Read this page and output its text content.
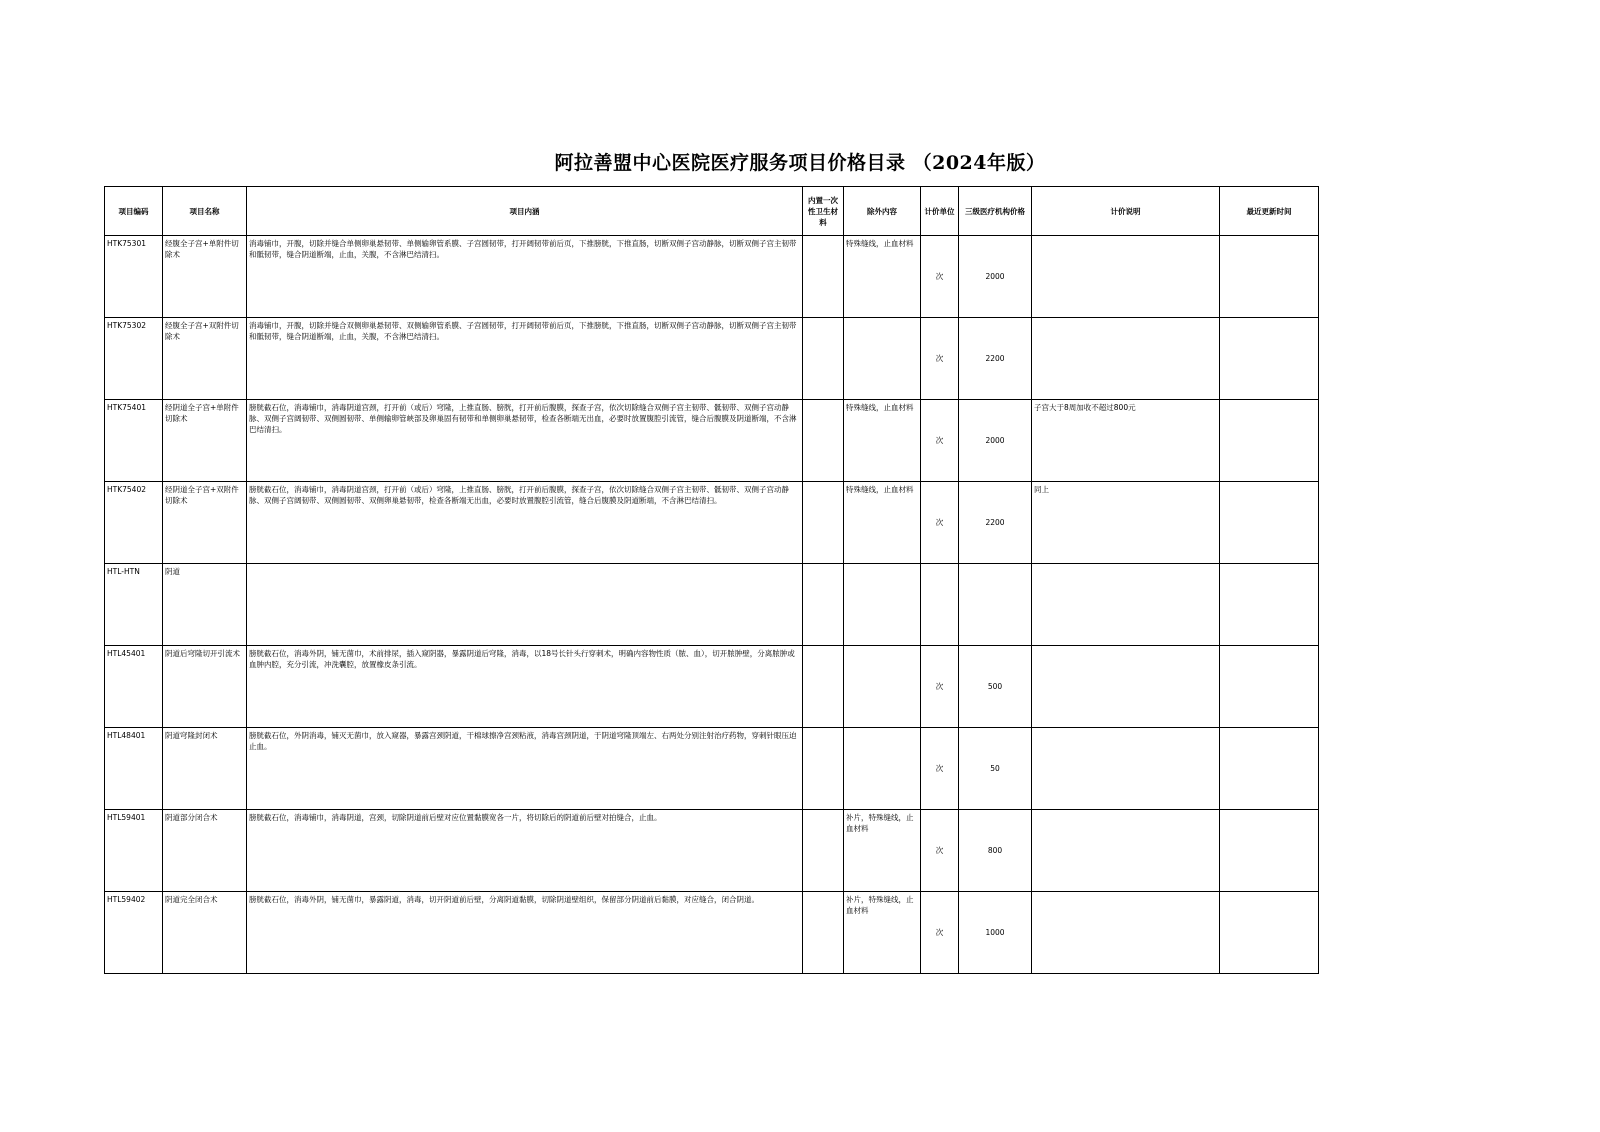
阿拉善盟中心医院医疗服务项目价格目录 （2024年版）
项目编码	项目名称	项目内涵	内置一次性卫生材料	除外内容	计价单位	三级医疗机构价格	计价说明	最近更新时间
HTK75301	经腹全子宫+单附件切除术	消毒铺巾，开腹，切除并缝合单侧卵巢悬韧带、单侧输卵管系膜、子宫圆韧带，打开阔韧带前后页，下推膀胱，下推直肠，切断双侧子宫动静脉，切断双侧子宫主韧带和骶韧带，缝合阴道断端，止血，关腹，不含淋巴结清扫。		特殊缝线，止血材料	次	2000		
HTK75302	经腹全子宫+双附件切除术	消毒铺巾，开腹，切除并缝合双侧卵巢悬韧带、双侧输卵管系膜、子宫圆韧带，打开阔韧带前后页，下推膀胱，下推直肠，切断双侧子宫动静脉，切断双侧子宫主韧带和骶韧带，缝合阴道断端，止血，关腹，不含淋巴结清扫。			次	2200		
HTK75401	经阴道全子宫+单附件切除术	膀胱截石位，消毒铺巾，消毒阴道宫颈，打开前（或后）穹隆，上推直肠、膀胱，打开前后腹膜，探查子宫，依次切除缝合双侧子宫主韧带、骶韧带、双侧子宫动静脉、双侧子宫阔韧带、双侧圆韧带、单侧输卵管峡部及卵巢固有韧带和单侧卵巢悬韧带，检查各断端无出血，必要时放置腹腔引流管，缝合后腹膜及阴道断端，不含淋巴结清扫。		特殊缝线，止血材料	次	2000	子宫大于8周加收不超过800元	
HTK75402	经阴道全子宫+双附件切除术	膀胱截石位，消毒铺巾，消毒阴道宫颈，打开前（或后）穹隆，上推直肠、膀胱，打开前后腹膜，探查子宫，依次切除缝合双侧子宫主韧带、骶韧带、双侧子宫动静脉、双侧子宫阔韧带、双侧圆韧带、双侧卵巢悬韧带，检查各断端无出血，必要时放置腹腔引流管，缝合后腹膜及阴道断端，不含淋巴结清扫。		特殊缝线，止血材料	次	2200	同上	
HTL-HTN	阴道							
HTL45401	阴道后穹隆切开引流术	膀胱截石位，消毒外阴，铺无菌巾，术前排尿，插入窥阴器，暴露阴道后穹隆，消毒，以18号长针头行穿刺术，明确内容物性质（脓、血），切开脓肿壁，分离脓肿或血肿内腔，充分引流，冲洗囊腔，放置橡皮条引流。			次	500		
HTL48401	阴道穹隆封闭术	膀胱截石位，外阴消毒，铺灭无菌巾，放入窥器，暴露宫颈阴道，干棉球擦净宫颈粘液，消毒宫颈阴道，于阴道穹隆顶端左、右两处分别注射治疗药物，穿刺针眼压迫止血。			次	50		
HTL59401	阴道部分闭合术	膀胱截石位，消毒铺巾，消毒阴道，宫颈，切除阴道前后壁对应位置黏膜宽各一片，将切除后的阴道前后壁对拍缝合，止血。		补片，特殊缝线，止血材料	次	800		
HTL59402	阴道完全闭合术	膀胱截石位，消毒外阴，铺无菌巾，暴露阴道，消毒，切开阴道前后壁，分离阴道黏膜，切除阴道壁组织，保留部分阴道前后黏膜，对应缝合，闭合阴道。		补片，特殊缝线，止血材料	次	1000		
